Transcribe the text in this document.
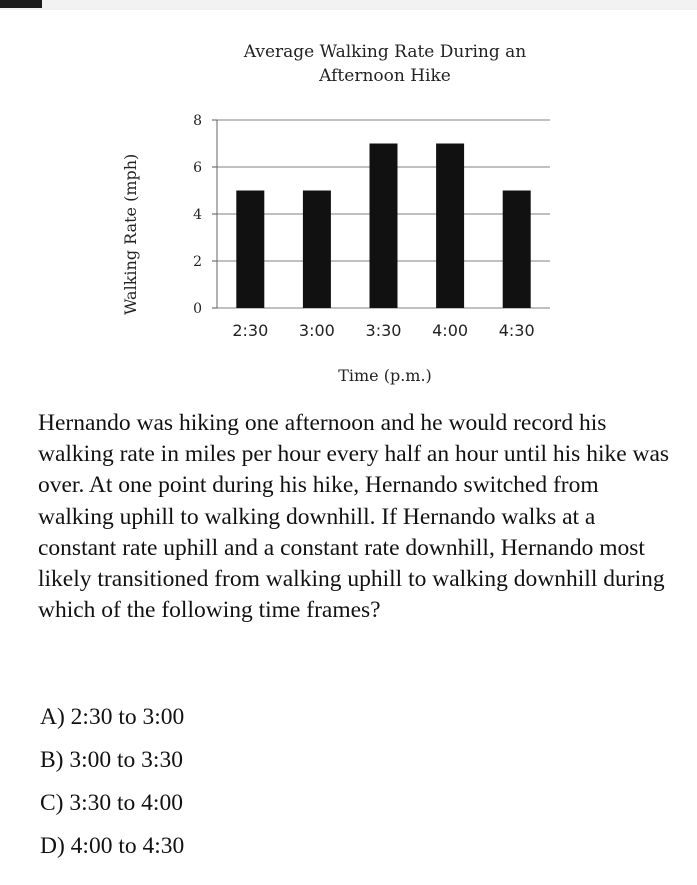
Average Walking Rate During an
Afternoon Hike
0
2
4
6
8
2:30 3:00 3:30 4:00 4:30
Walking Rate (mph)
Time (p.m.)
Hernando was hiking one afternoon and he would record his walking rate in miles per hour every half an hour until his hike was over. At one point during his hike, Hernando switched from walking uphill to walking downhill. If Hernando walks at a constant rate uphill and a constant rate downhill, Hernando most likely transitioned from walking uphill to walking downhill during which of the following time frames?
A) 2:30 to 3:00
B) 3:00 to 3:30
C) 3:30 to 4:00
D) 4:00 to 4:30
